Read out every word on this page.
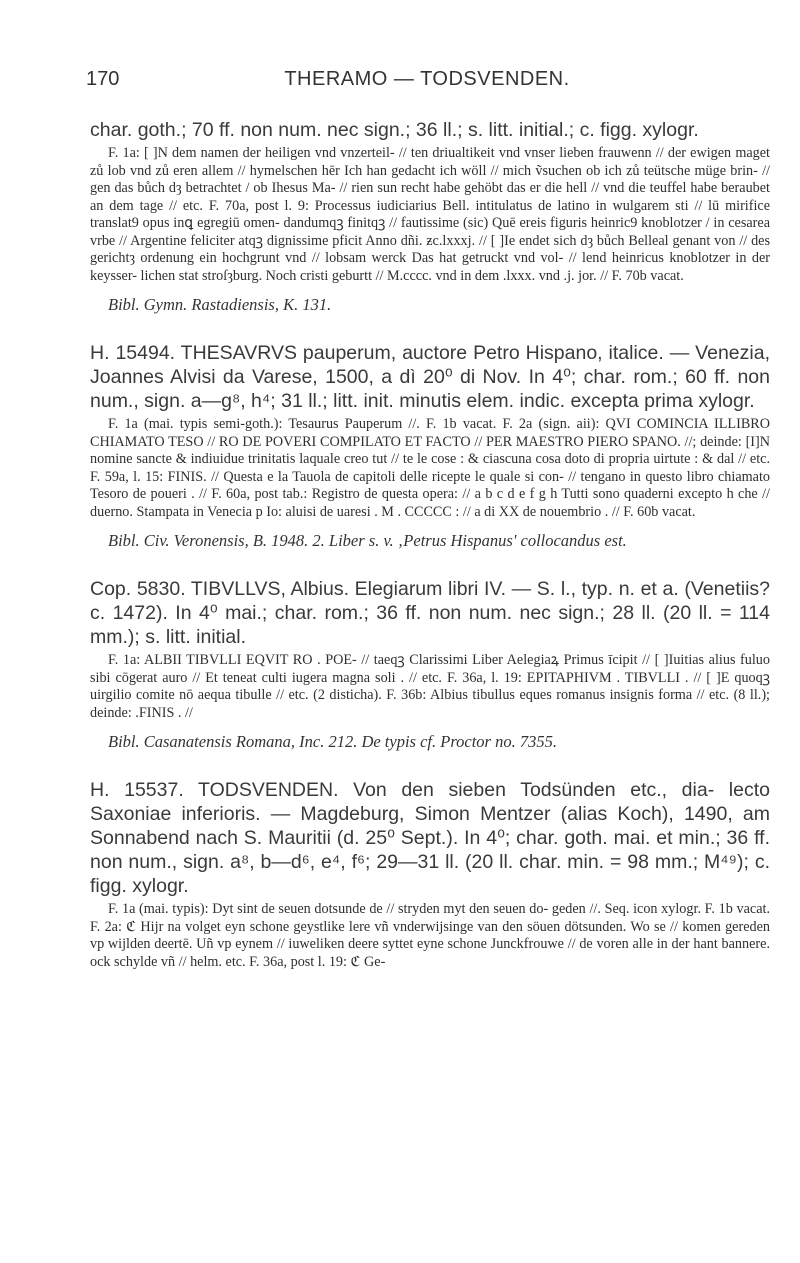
170	THERAMO — TODSVENDEN.

char. goth.; 70 ff. non num. nec sign.; 36 ll.; s. litt. initial.; c. figg. xylogr.

F. 1a: [ ]N dem namen der heiligen vnd vnzerteil- // ten driualtikeit vnd vnser lieben frauwenn // der ewigen maget zů lob vnd zů eren allem // hymelschen hēr Ich han gedacht ich wöll // mich ṽsuchen ob ich zů teütsche müge brin- // gen das bůch dȝ betrachtet / ob Ihesus Ma- // rien sun recht habe gehöbt das er die hell // vnd die teuffel habe beraubet an dem tage // etc. F. 70a, post l. 9: Processus iudiciarius Bell. intitulatus de latino in wulgarem sti // lū mirifice translat9 opus inꝗ egregiū omen- dandumqꝫ finitqꝫ // fautissime (sic) Quē ereis figuris heinric9 knoblotzer / in cesarea vrbe // Argentine feliciter atqꝫ dignissime pficit Anno dñi. ƶc.lxxxj. // [ ]Ie endet sich dȝ bůch Belleal genant von // des gerichtȝ ordenung ein hochgrunt vnd // lobsam werck Das hat getruckt vnd vol- // lend heinricus knoblotzer in der keysser- lichen stat stroſȝburg. Noch cristi geburtt // M.cccc. vnd in dem .lxxx. vnd .j. jor. // F. 70b vacat.

Bibl. Gymn. Rastadiensis, K. 131.

H. 15494. THESAVRVS pauperum, auctore Petro Hispano, italice. — Venezia, Joannes Alvisi da Varese, 1500, a dì 20⁰ di Nov. In 4⁰; char. rom.; 60 ff. non num., sign. a—g⁸, h⁴; 31 ll.; litt. init. minutis elem. indic. excepta prima xylogr.

F. 1a (mai. typis semi-goth.): Tesaurus Pauperum //. F. 1b vacat. F. 2a (sign. aii): QVI COMINCIA ILLIBRO CHIAMATO TESO // RO DE POVERI COMPILATO ET FACTO // PER MAESTRO PIERO SPANO. //; deinde: [I]N nomine sancte & indiuidue trinitatis laquale creo tut // te le cose : & ciascuna cosa doto di propria uirtute : & dal // etc. F. 59a, l. 15: FINIS. // Questa e la Tauola de capitoli delle ricepte le quale si con- // tengano in questo libro chiamato Tesoro de poueri . // F. 60a, post tab.: Registro de questa opera: // a b c d e f g h Tutti sono quaderni excepto h che // duerno. Stampata in Venecia p Io: aluisi de uaresi . M . CCCCC : // a di XX de nouembrio . // F. 60b vacat.

Bibl. Civ. Veronensis, B. 1948. 2. Liber s. v. ‚Petrus Hispanus' collocandus est.

Cop. 5830. TIBVLLVS, Albius. Elegiarum libri IV. — S. l., typ. n. et a. (Venetiis? c. 1472). In 4⁰ mai.; char. rom.; 36 ff. non num. nec sign.; 28 ll. (20 ll. = 114 mm.); s. litt. initial.

F. 1a: ALBII TIBVLLI EQVIT RO . POE- // taeqꝫ Clarissimi Liber Aelegiaꝝ Primus īcipit // [ ]Iuitias alius fuluo sibi cōgerat auro // Et teneat culti iugera magna soli . // etc. F. 36a, l. 19: EPITAPHIVM . TIBVLLI . // [ ]E quoqꝫ uirgilio comite nō aequa tibulle // etc. (2 disticha). F. 36b: Albius tibullus eques romanus insignis forma // etc. (8 ll.); deinde: .FINIS . //

Bibl. Casanatensis Romana, Inc. 212. De typis cf. Proctor no. 7355.

H. 15537. TODSVENDEN. Von den sieben Todsünden etc., dia- lecto Saxoniae inferioris. — Magdeburg, Simon Mentzer (alias Koch), 1490, am Sonnabend nach S. Mauritii (d. 25⁰ Sept.). In 4⁰; char. goth. mai. et min.; 36 ff. non num., sign. a⁸, b—d⁶, e⁴, f⁶; 29—31 ll. (20 ll. char. min. = 98 mm.; M⁴⁹); c. figg. xylogr.

F. 1a (mai. typis): Dyt sint de seuen dotsunde de // stryden myt den seuen do- geden //. Seq. icon xylogr. F. 1b vacat. F. 2a: ℭ Hijr na volget eyn schone geystlike lere vñ vnderwijsinge van den söuen dötsunden. Wo se // komen gereden vp wijlden deertē. Uñ vp eynem // iuweliken deere syttet eyne schone Junckfrouwe // de voren alle in der hant bannere. ock schylde vñ // helm. etc. F. 36a, post l. 19: ℭ Ge-
